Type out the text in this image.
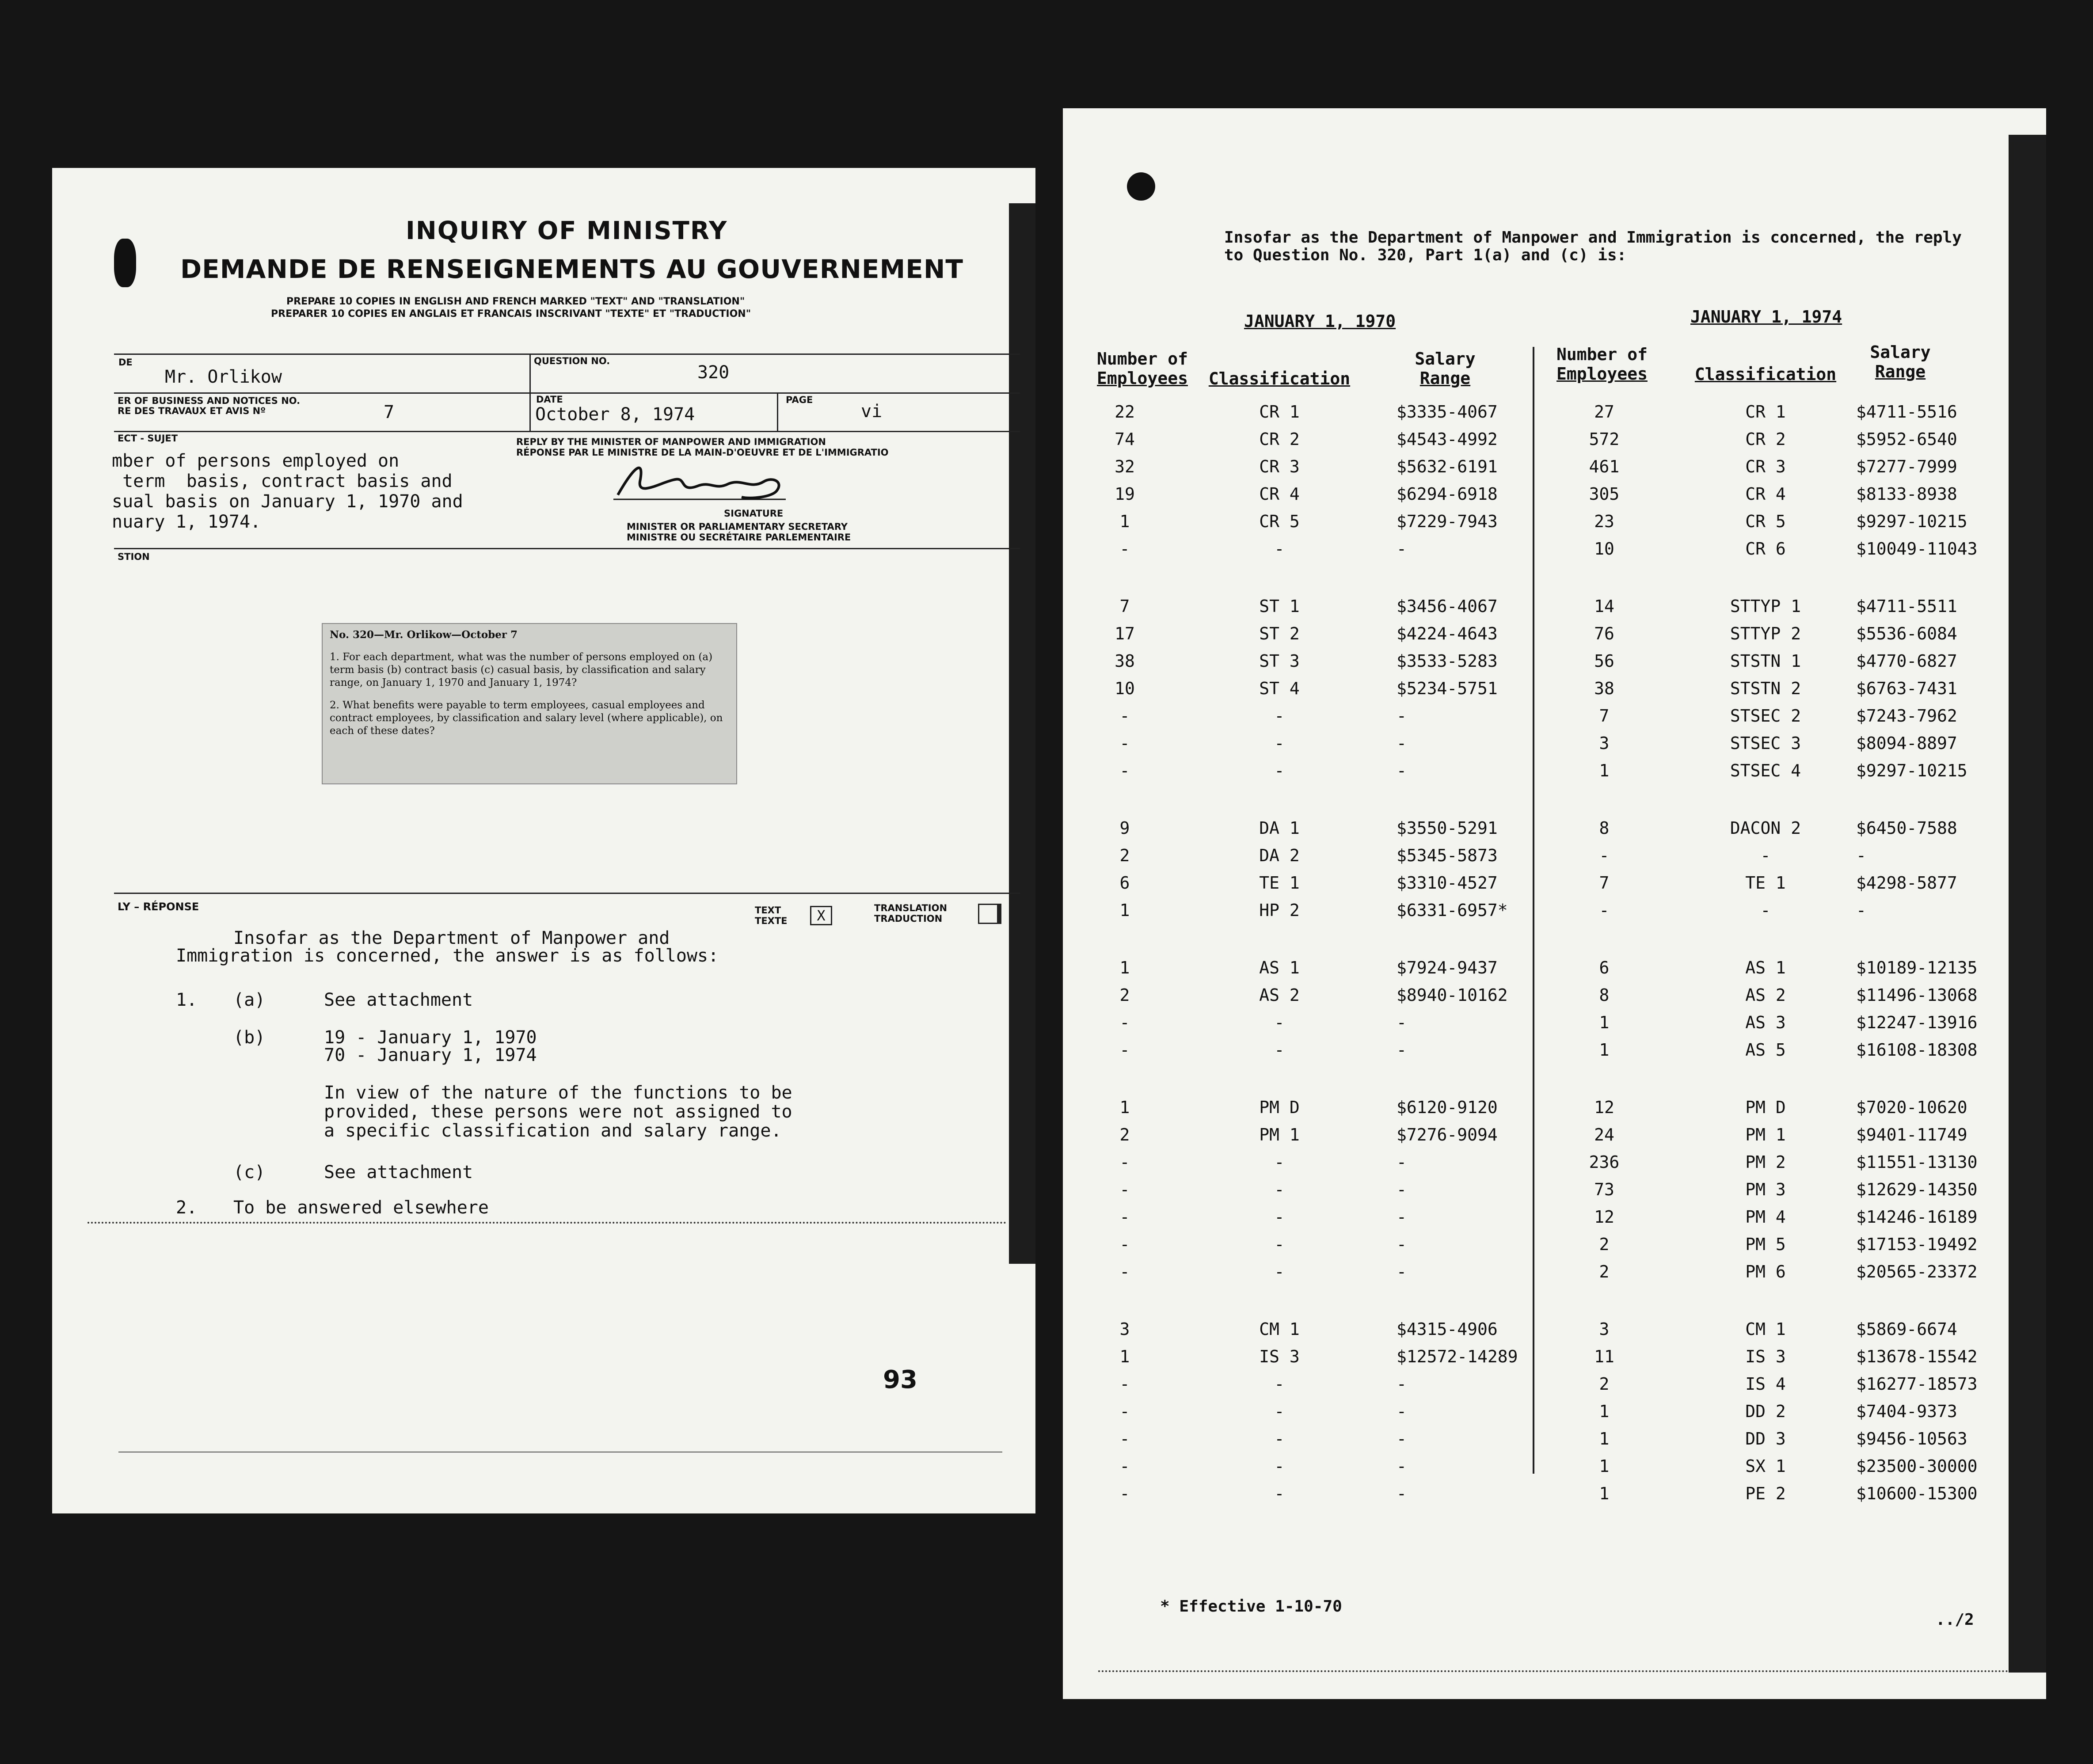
INQUIRY OF MINISTRY
DEMANDE DE RENSEIGNEMENTS AU GOUVERNEMENT
PREPARE 10 COPIES IN ENGLISH AND FRENCH MARKED "TEXT" AND "TRANSLATION"
PREPARER 10 COPIES EN ANGLAIS ET FRANCAIS INSCRIVANT "TEXTE" ET "TRADUCTION"
DE
Mr. Orlikow
QUESTION NO.
320
ER OF BUSINESS AND NOTICES NO.
RE DES TRAVAUX ET AVIS Nº	7
DATE
October 8, 1974
PAGE
vi
ECT - SUJET
mber of persons employed on
term  basis, contract basis and
sual basis on January 1, 1970 and
nuary 1, 1974.
REPLY BY THE MINISTER OF MANPOWER AND IMMIGRATION
RÉPONSE PAR LE MINISTRE DE LA MAIN-D'OEUVRE ET DE L'IMMIGRATIO
SIGNATURE
MINISTER OR PARLIAMENTARY SECRETARY
MINISTRE OU SECRÉTAIRE PARLEMENTAIRE
STION

No. 320—Mr. Orlikow—October 7

1. For each department, what was the number of persons employed on (a) term basis (b) contract basis (c) casual basis, by classification and salary range, on January 1, 1970 and January 1, 1974?

2. What benefits were payable to term employees, casual employees and contract employees, by classification and salary level (where applicable), on each of these dates?

LY – RÉPONSE	TEXT
TEXTE	X	TRANSLATION
TRADUCTION
Insofar as the Department of Manpower and
Immigration is concerned, the answer is as follows:
1. (a)	See attachment
(b)	19 - January 1, 1970
70 - January 1, 1974
In view of the nature of the functions to be
provided, these persons were not assigned to
a specific classification and salary range.
(c)	See attachment
2. To be answered elsewhere
93
Insofar as the Department of Manpower and Immigration is concerned, the reply
to Question No. 320, Part 1(a) and (c) is:
JANUARY 1, 1970	JANUARY 1, 1974
Number of
Employees Classification
Salary
Range
Number of
Employees	Classification
Salary
Range
22	CR 1	$3335-4067	27	CR 1	$4711-5516
74	CR 2	$4543-4992	572	CR 2	$5952-6540
32	CR 3	$5632-6191	461	CR 3	$7277-7999
19	CR 4	$6294-6918	305	CR 4	$8133-8938
1	CR 5	$7229-7943	23	CR 5	$9297-10215
-	-	-	10	CR 6	$10049-11043
7	ST 1	$3456-4067	14	STTYP 1	$4711-5511
17	ST 2	$4224-4643	76	STTYP 2	$5536-6084
38	ST 3	$3533-5283	56	STSTN 1	$4770-6827
10	ST 4	$5234-5751	38	STSTN 2	$6763-7431
-	-	-	7	STSEC 2	$7243-7962
-	-	-	3	STSEC 3	$8094-8897
-	-	-	1	STSEC 4	$9297-10215
9	DA 1	$3550-5291	8	DACON 2	$6450-7588
2	DA 2	$5345-5873	-	-	-
6	TE 1	$3310-4527	7	TE 1	$4298-5877
1	HP 2	$6331-6957*	-	-	-
1	AS 1	$7924-9437	6	AS 1	$10189-12135
2	AS 2	$8940-10162	8	AS 2	$11496-13068
-	-	-	1	AS 3	$12247-13916
-	-	-	1	AS 5	$16108-18308
1	PM D	$6120-9120	12	PM D	$7020-10620
2	PM 1	$7276-9094	24	PM 1	$9401-11749
-	-	-	236	PM 2	$11551-13130
-	-	-	73	PM 3	$12629-14350
-	-	-	12	PM 4	$14246-16189
-	-	-	2	PM 5	$17153-19492
-	-	-	2	PM 6	$20565-23372
3	CM 1	$4315-4906	3	CM 1	$5869-6674
1	IS 3	$12572-14289	11	IS 3	$13678-15542
-	-	-	2	IS 4	$16277-18573
-	-	-	1	DD 2	$7404-9373
-	-	-	1	DD 3	$9456-10563
-	-	-	1	SX 1	$23500-30000
-	-	-	1	PE 2	$10600-15300
* Effective 1-10-70
../2
